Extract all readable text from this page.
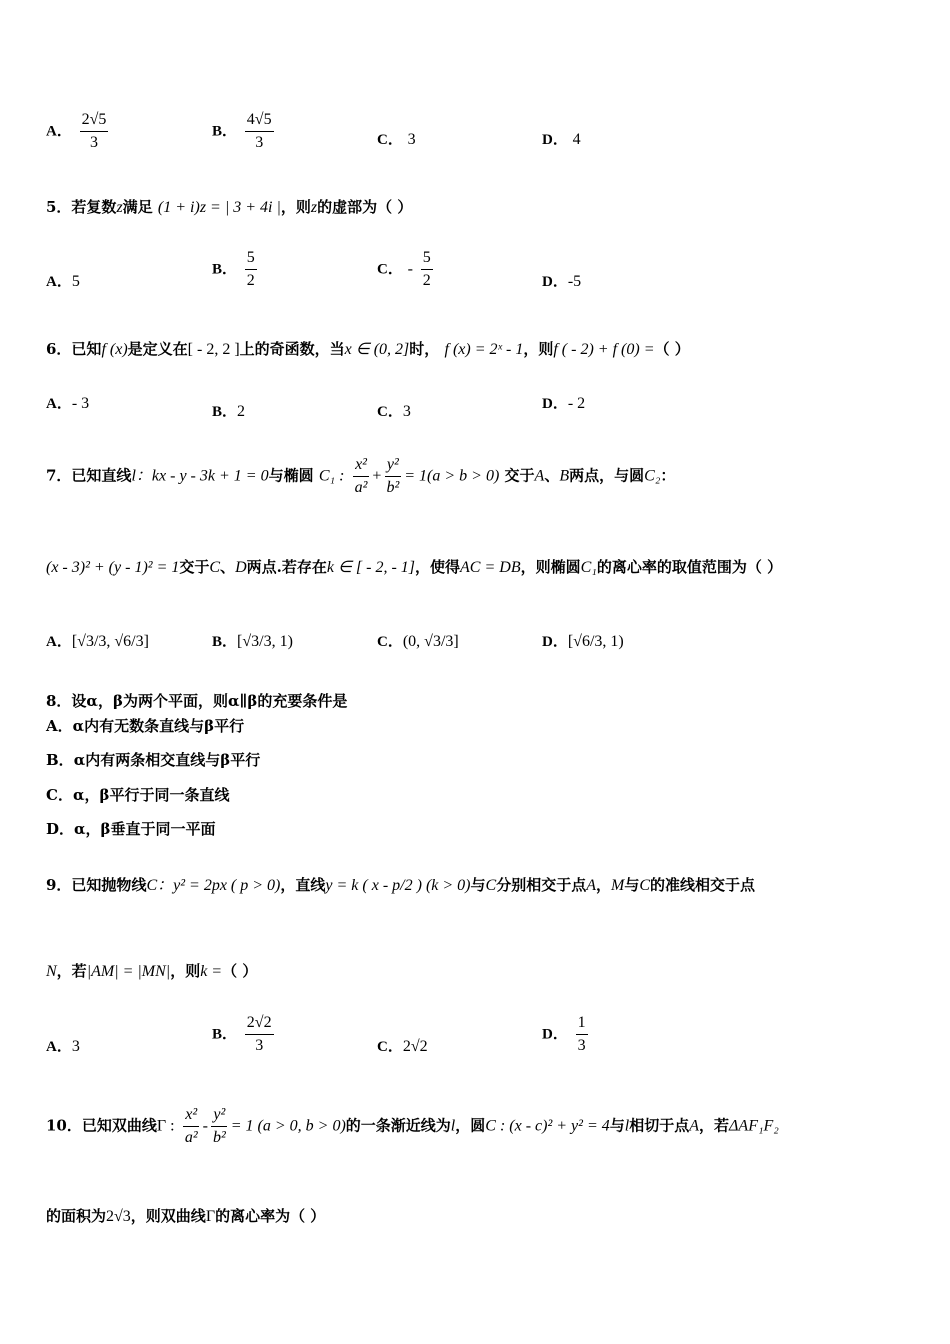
A． $\frac{2√5}{3}$	B． $\frac{4√5}{3}$	C． 3	D． 4
5．若复数z满足 (1 + i)z = | 3 + 4i |，则z的虚部为（ ）
A．5
B． $\frac{5}{2}$	C． - $\frac{5}{2}$	D．-5
6．已知f (x)是定义在[ - 2, 2 ]上的奇函数，当x ∈ (0, 2]时， f (x) = 2ˣ - 1，则f ( - 2) + f (0) =（ ）
A．- 3	B．2	C．3	D．- 2
7．已知直线l：kx - y - 3k + 1 = 0与椭圆 C₁ : $\frac{\text{x²}}{\text{a²}} + \frac{\text{y²}}{\text{b²}} = 1(a > b > 0)$ 交于A、B两点，与圆C₂：
(x - 3)² + (y - 1)² = 1交于C、D两点.若存在k ∈ [ - 2, - 1]，使得AC = DB，则椭圆C₁的离心率的取值范围为（ ）
A．[√3/3, √6/3]	B．[√3/3, 1)	C．(0, √3/3]	D．[√6/3, 1)
8．设α，β为两个平面，则α∥β的充要条件是
A．α内有无数条直线与β平行
B．α内有两条相交直线与β平行
C．α，β平行于同一条直线
D．α，β垂直于同一平面
9．已知抛物线C：y² = 2px ( p > 0)，直线y = k ( x - p/2 ) (k > 0)与C分别相交于点A，M与C的准线相交于点
N，若|AM| = |MN|，则k =（ ）
A．3
B． $\frac{2√2}{3}$	C．2√2
D． $\frac{1}{3}$
10．已知双曲线Γ : $\frac{\text{x²}}{\text{a²}} - \frac{\text{y²}}{\text{b²}} = 1$ (a > 0, b > 0)的一条渐近线为l，圆C : (x - c)² + y² = 4与l相切于点A，若ΔAF₁F₂
的面积为2√3，则双曲线Γ的离心率为（ ）
